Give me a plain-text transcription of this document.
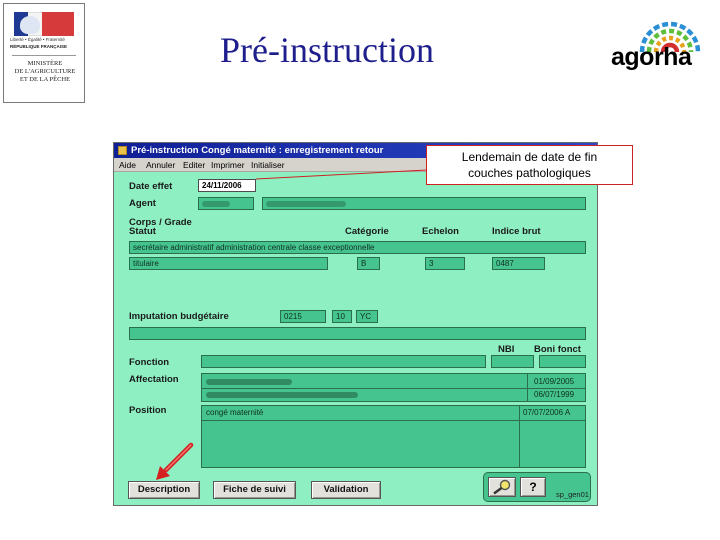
Liberté • Égalité • Fraternité
RÉPUBLIQUE FRANÇAISE
MINISTÈRE
DE L'AGRICULTURE
ET DE LA PÊCHE
Pré-instruction	agorha
Pré-instruction Congé maternité : enregistrement retour
Aide Annuler Editer Imprimer Initialiser
Date effet	24/11/2006
Agent
Corps / Grade
Statut	Catégorie	Echelon	Indice brut
secrétaire administratif administration centrale classe exceptionnelle
titulaire	B	3	0487
Imputation budgétaire	0215	10	YC
NBI Boni fonct
Fonction
Affectation	01/09/2005
06/07/1999
Position	congé maternité	07/07/2006 A
Description	Fiche de suivi	Validation	?
sp_gen01
Lendemain de date de fin
couches pathologiques
